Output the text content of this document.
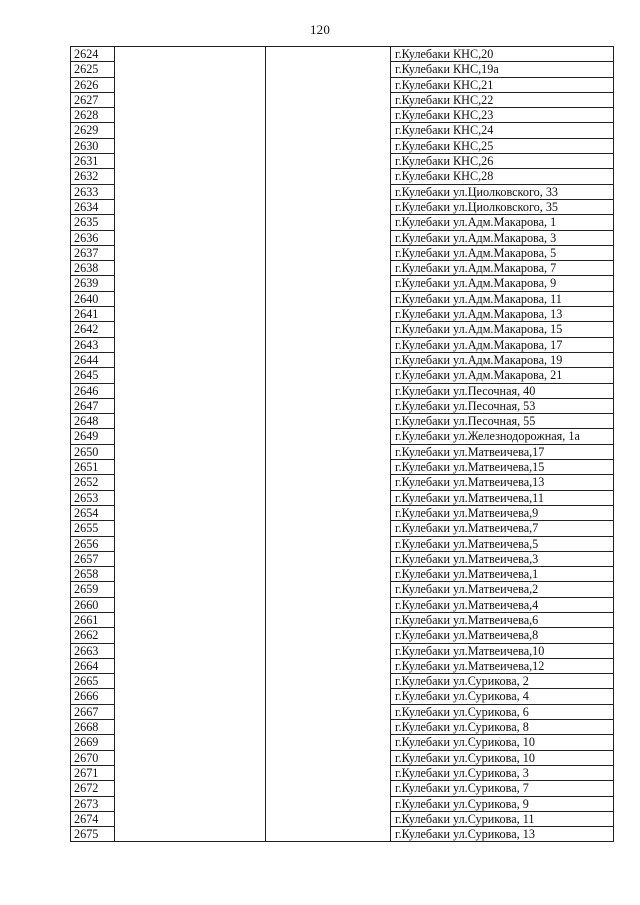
120
2624			г.Кулебаки КНС,20
2625			г.Кулебаки КНС,19а
2626			г.Кулебаки КНС,21
2627			г.Кулебаки КНС,22
2628			г.Кулебаки КНС,23
2629			г.Кулебаки КНС,24
2630			г.Кулебаки КНС,25
2631			г.Кулебаки КНС,26
2632			г.Кулебаки КНС,28
2633			г.Кулебаки ул.Циолковского, 33
2634			г.Кулебаки ул.Циолковского, 35
2635			г.Кулебаки ул.Адм.Макарова, 1
2636			г.Кулебаки ул.Адм.Макарова, 3
2637			г.Кулебаки ул.Адм.Макарова, 5
2638			г.Кулебаки ул.Адм.Макарова, 7
2639			г.Кулебаки ул.Адм.Макарова, 9
2640			г.Кулебаки ул.Адм.Макарова, 11
2641			г.Кулебаки ул.Адм.Макарова, 13
2642			г.Кулебаки ул.Адм.Макарова, 15
2643			г.Кулебаки ул.Адм.Макарова, 17
2644			г.Кулебаки ул.Адм.Макарова, 19
2645			г.Кулебаки ул.Адм.Макарова, 21
2646			г.Кулебаки ул.Песочная, 40
2647			г.Кулебаки ул.Песочная, 53
2648			г.Кулебаки ул.Песочная, 55
2649			г.Кулебаки ул.Железнодорожная, 1а
2650			г.Кулебаки ул.Матвеичева,17
2651			г.Кулебаки ул.Матвеичева,15
2652			г.Кулебаки ул.Матвеичева,13
2653			г.Кулебаки ул.Матвеичева,11
2654			г.Кулебаки ул.Матвеичева,9
2655			г.Кулебаки ул.Матвеичева,7
2656			г.Кулебаки ул.Матвеичева,5
2657			г.Кулебаки ул.Матвеичева,3
2658			г.Кулебаки ул.Матвеичева,1
2659			г.Кулебаки ул.Матвеичева,2
2660			г.Кулебаки ул.Матвеичева,4
2661			г.Кулебаки ул.Матвеичева,6
2662			г.Кулебаки ул.Матвеичева,8
2663			г.Кулебаки ул.Матвеичева,10
2664			г.Кулебаки ул.Матвеичева,12
2665			г.Кулебаки ул.Сурикова, 2
2666			г.Кулебаки ул.Сурикова, 4
2667			г.Кулебаки ул.Сурикова, 6
2668			г.Кулебаки ул.Сурикова, 8
2669			г.Кулебаки ул.Сурикова, 10
2670			г.Кулебаки ул.Сурикова, 10
2671			г.Кулебаки ул.Сурикова, 3
2672			г.Кулебаки ул.Сурикова, 7
2673			г.Кулебаки ул.Сурикова, 9
2674			г.Кулебаки ул.Сурикова, 11
2675			г.Кулебаки ул.Сурикова, 13
